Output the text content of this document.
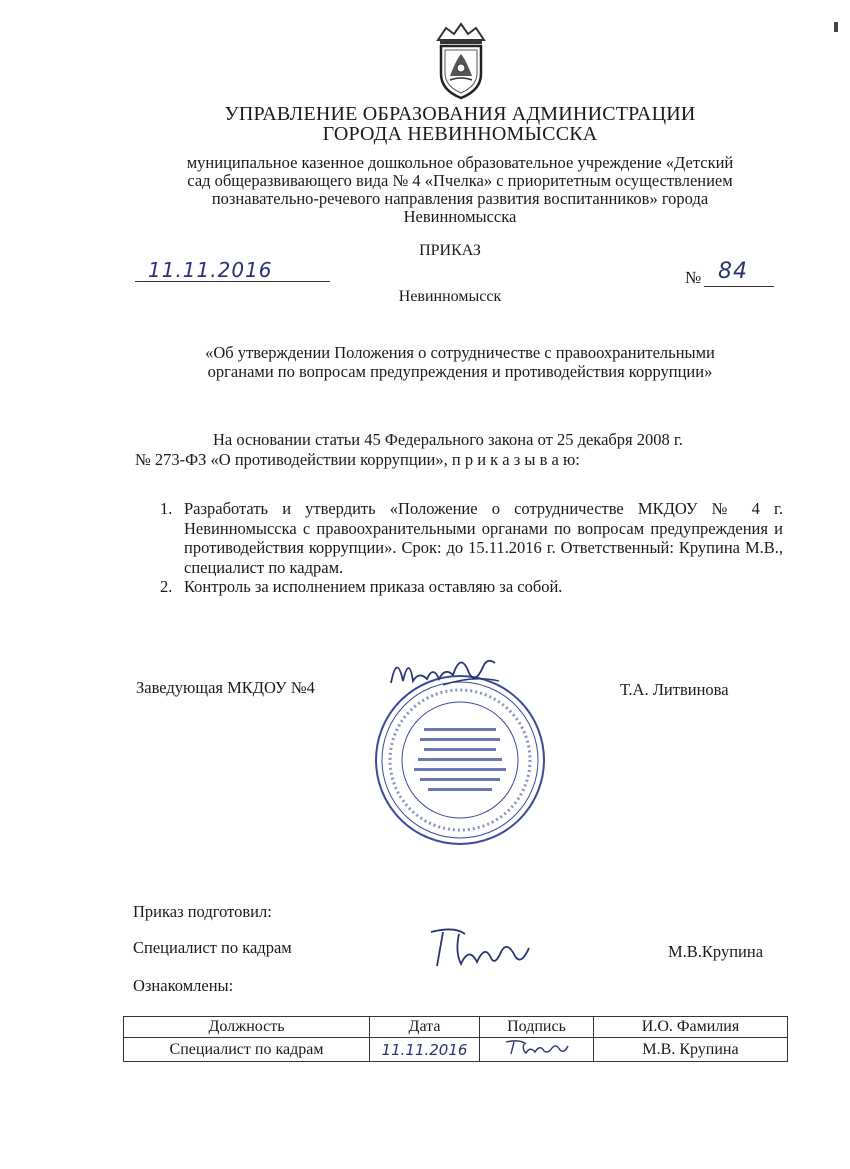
УПРАВЛЕНИЕ ОБРАЗОВАНИЯ АДМИНИСТРАЦИИ
ГОРОДА НЕВИННОМЫССКА
муниципальное казенное дошкольное образовательное учреждение «Детский
сад общеразвивающего вида № 4 «Пчелка» с приоритетным осуществлением
познавательно-речевого направления развития воспитанников» города
Невинномысска
ПРИКАЗ
11.11.2016	№ 84
Невинномысск
«Об утверждении Положения о сотрудничестве с правоохранительными
органами по вопросам предупреждения и противодействия коррупции»
На основании статьи 45 Федерального закона от 25 декабря 2008 г.
№ 273-ФЗ «О противодействии коррупции», п р и к а з ы в а ю:
1. Разработать и утвердить «Положение о сотрудничестве МКДОУ № 4 г. Невинномысска с правоохранительными органами по вопросам предупреждения и противодействия коррупции». Срок: до 15.11.2016 г. Ответственный: Крупина М.В., специалист по кадрам.
2. Контроль за исполнением приказа оставляю за собой.
Заведующая МКДОУ №4	Т.А. Литвинова
Приказ подготовил:
Специалист по кадрам	М.В.Крупина
Ознакомлены:
Должность	Дата	Подпись	И.О. Фамилия
Специалист по кадрам	11.11.2016		М.В. Крупина
